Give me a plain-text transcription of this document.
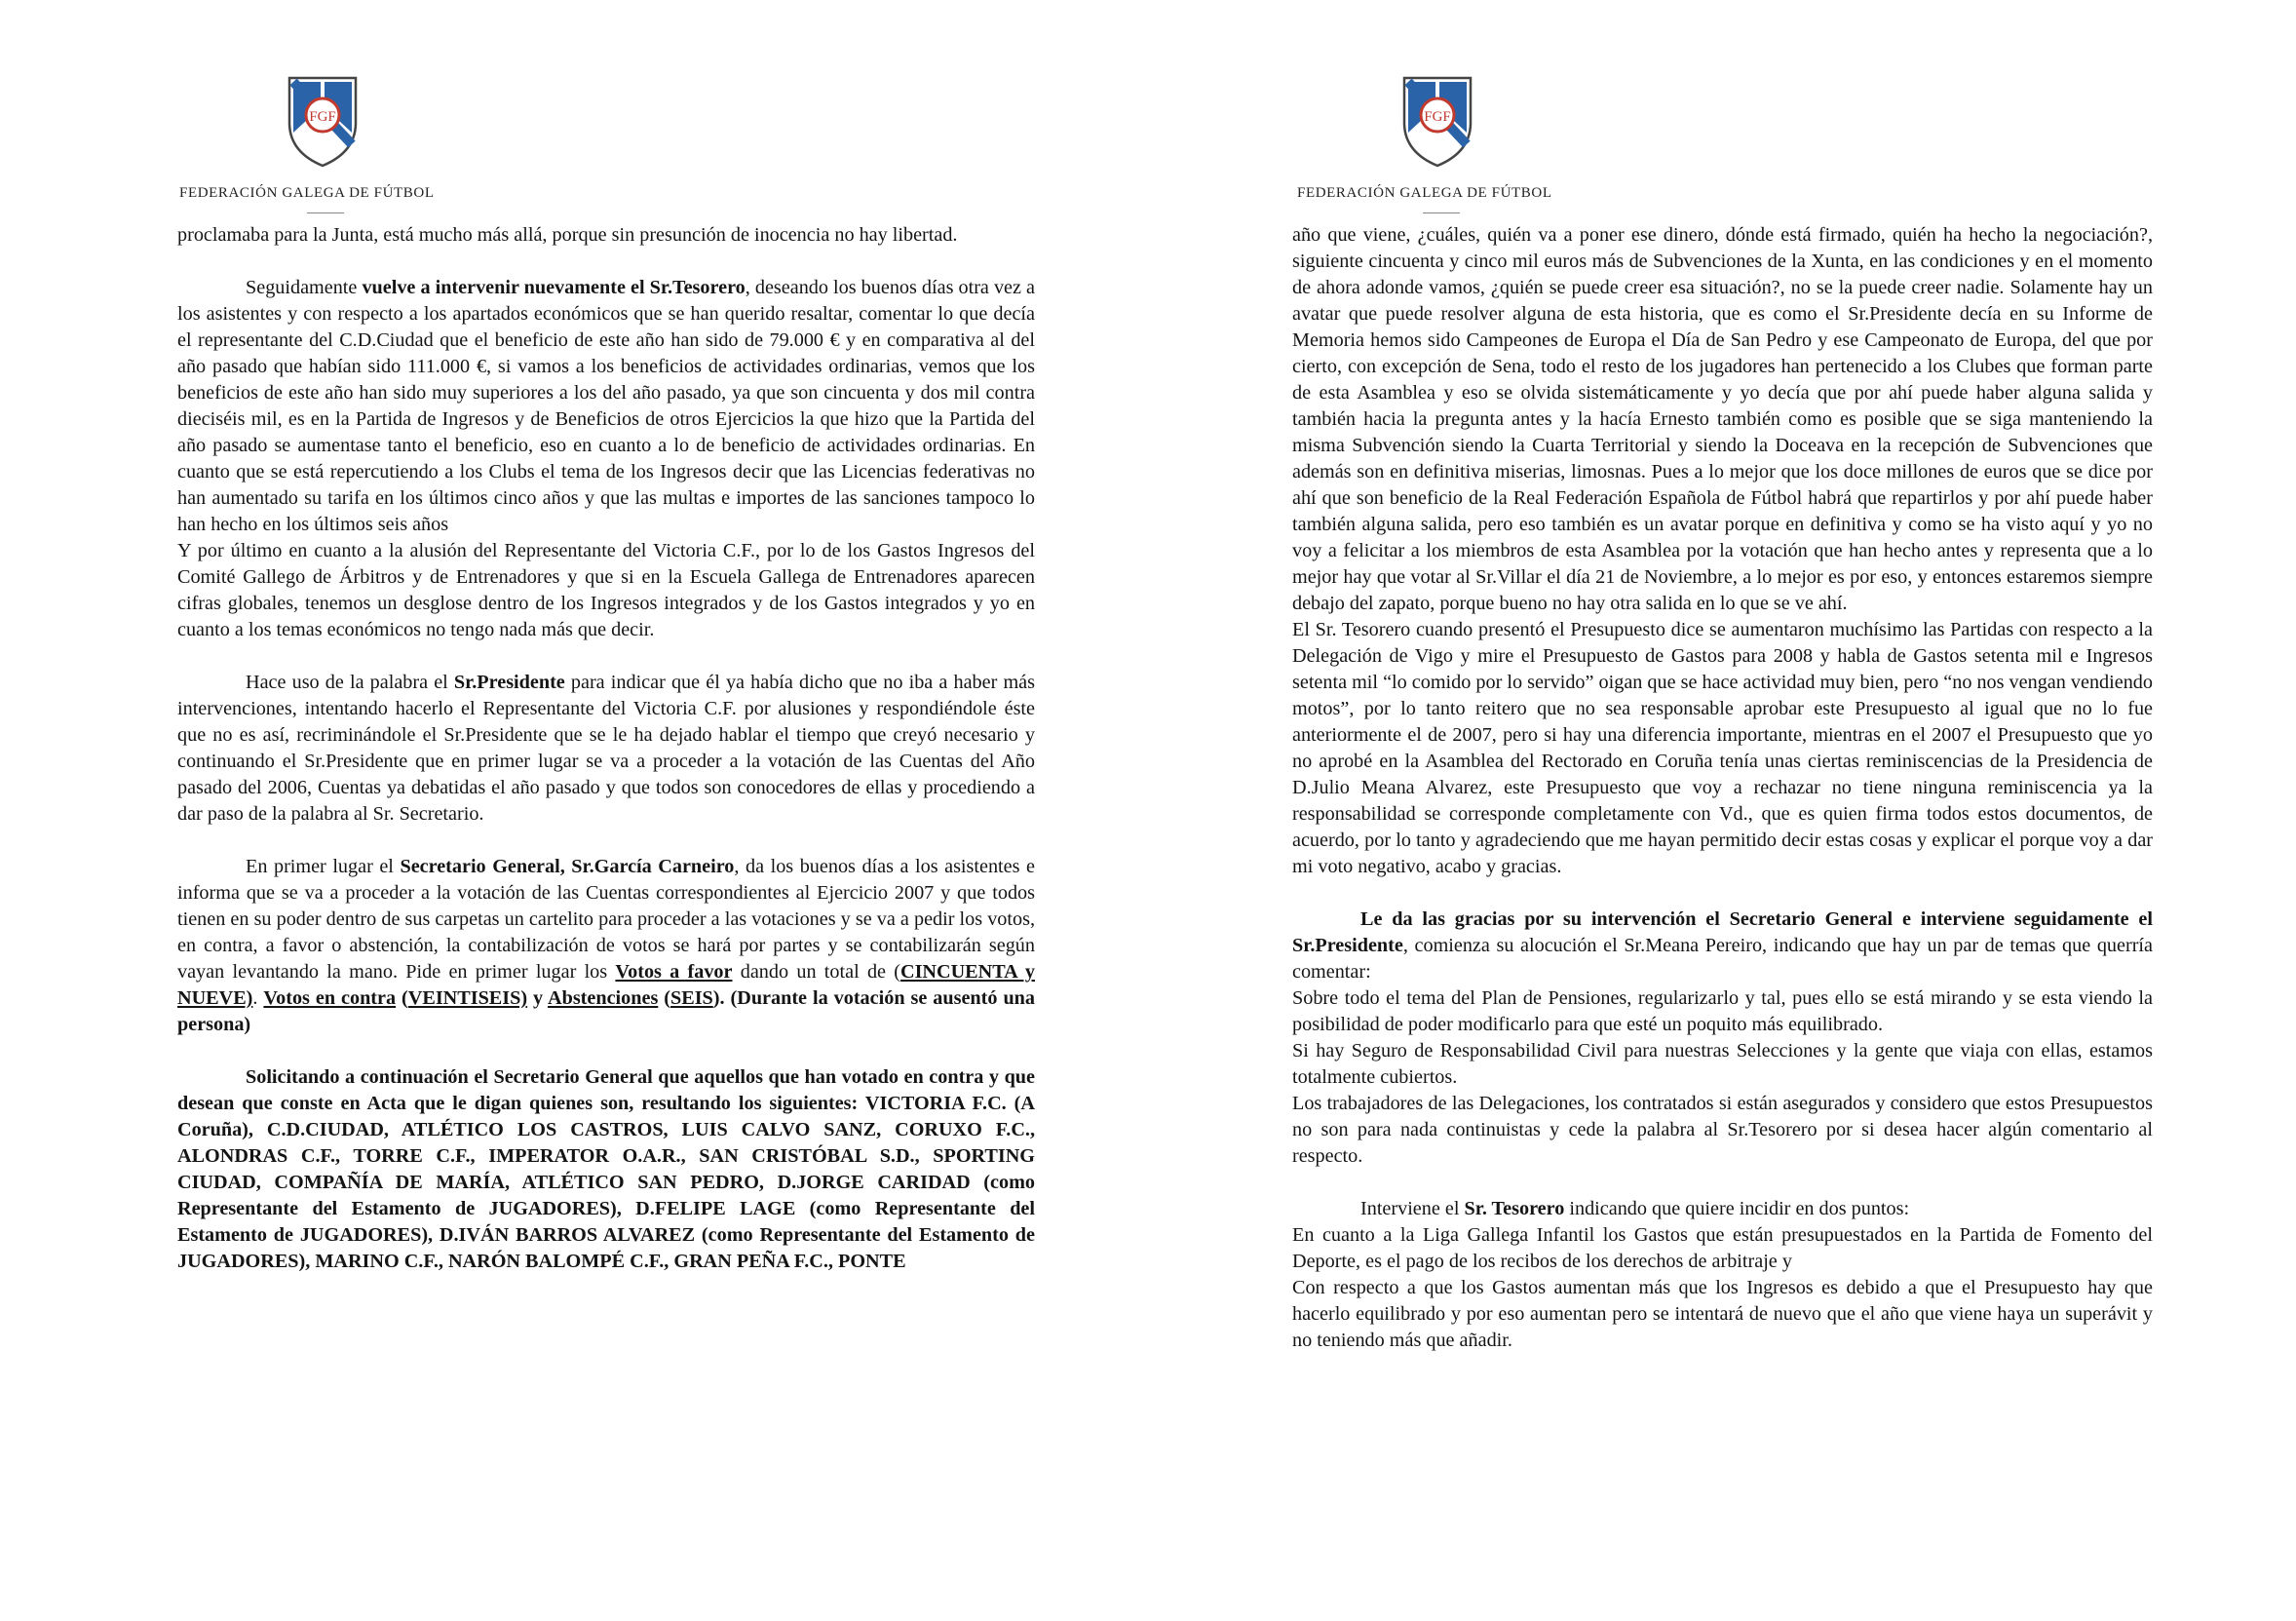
FGF
FEDERACIÓN GALEGA DE FÚTBOL

proclamaba para la Junta, está mucho más allá, porque sin presunción de inocencia no hay libertad.

Seguidamente vuelve a intervenir nuevamente el Sr.Tesorero, deseando los buenos días otra vez a los asistentes y con respecto a los apartados económicos que se han querido resaltar, comentar lo que decía el representante del C.D.Ciudad que el beneficio de este año han sido de 79.000 € y en comparativa al del año pasado que habían sido 111.000 €, si vamos a los beneficios de actividades ordinarias, vemos que los beneficios de este año han sido muy superiores a los del año pasado, ya que son cincuenta y dos mil contra dieciséis mil, es en la Partida de Ingresos y de Beneficios de otros Ejercicios la que hizo que la Partida del año pasado se aumentase tanto el beneficio, eso en cuanto a lo de beneficio de actividades ordinarias. En cuanto que se está repercutiendo a los Clubs el tema de los Ingresos decir que las Licencias federativas no han aumentado su tarifa en los últimos cinco años y que las multas e importes de las sanciones tampoco lo han hecho en los últimos seis años

Y por último en cuanto a la alusión del Representante del Victoria C.F., por lo de los Gastos Ingresos del Comité Gallego de Árbitros y de Entrenadores y que si en la Escuela Gallega de Entrenadores aparecen cifras globales, tenemos un desglose dentro de los Ingresos integrados y de los Gastos integrados y yo en cuanto a los temas económicos no tengo nada más que decir.

Hace uso de la palabra el Sr.Presidente para indicar que él ya había dicho que no iba a haber más intervenciones, intentando hacerlo el Representante del Victoria C.F. por alusiones y respondiéndole éste que no es así, recriminándole el Sr.Presidente que se le ha dejado hablar el tiempo que creyó necesario y continuando el Sr.Presidente que en primer lugar se va a proceder a la votación de las Cuentas del Año pasado del 2006, Cuentas ya debatidas el año pasado y que todos son conocedores de ellas y procediendo a dar paso de la palabra al Sr. Secretario.

En primer lugar el Secretario General, Sr.García Carneiro, da los buenos días a los asistentes e informa que se va a proceder a la votación de las Cuentas correspondientes al Ejercicio 2007 y que todos tienen en su poder dentro de sus carpetas un cartelito para proceder a las votaciones y se va a pedir los votos, en contra, a favor o abstención, la contabilización de votos se hará por partes y se contabilizarán según vayan levantando la mano. Pide en primer lugar los Votos a favor dando un total de (CINCUENTA y NUEVE). Votos en contra (VEINTISEIS) y Abstenciones (SEIS). (Durante la votación se ausentó una persona)

Solicitando a continuación el Secretario General que aquellos que han votado en contra y que desean que conste en Acta que le digan quienes son, resultando los siguientes: VICTORIA F.C. (A Coruña), C.D.CIUDAD, ATLÉTICO LOS CASTROS, LUIS CALVO SANZ, CORUXO F.C., ALONDRAS C.F., TORRE C.F., IMPERATOR O.A.R., SAN CRISTÓBAL S.D., SPORTING CIUDAD, COMPAÑÍA DE MARÍA, ATLÉTICO SAN PEDRO, D.JORGE CARIDAD (como Representante del Estamento de JUGADORES), D.FELIPE LAGE (como Representante del Estamento de JUGADORES), D.IVÁN BARROS ALVAREZ (como Representante del Estamento de JUGADORES), MARINO C.F., NARÓN BALOMPÉ C.F., GRAN PEÑA F.C., PONTE

FGF
FEDERACIÓN GALEGA DE FÚTBOL

año que viene, ¿cuáles, quién va a poner ese dinero, dónde está firmado, quién ha hecho la negociación?, siguiente cincuenta y cinco mil euros más de Subvenciones de la Xunta, en las condiciones y en el momento de ahora adonde vamos, ¿quién se puede creer esa situación?, no se la puede creer nadie. Solamente hay un avatar que puede resolver alguna de esta historia, que es como el Sr.Presidente decía en su Informe de Memoria hemos sido Campeones de Europa el Día de San Pedro y ese Campeonato de Europa, del que por cierto, con excepción de Sena, todo el resto de los jugadores han pertenecido a los Clubes que forman parte de esta Asamblea y eso se olvida sistemáticamente y yo decía que por ahí puede haber alguna salida y también hacia la pregunta antes y la hacía Ernesto también como es posible que se siga manteniendo la misma Subvención siendo la Cuarta Territorial y siendo la Doceava en la recepción de Subvenciones que además son en definitiva miserias, limosnas. Pues a lo mejor que los doce millones de euros que se dice por ahí que son beneficio de la Real Federación Española de Fútbol habrá que repartirlos y por ahí puede haber también alguna salida, pero eso también es un avatar porque en definitiva y como se ha visto aquí y yo no voy a felicitar a los miembros de esta Asamblea por la votación que han hecho antes y representa que a lo mejor hay que votar al Sr.Villar el día 21 de Noviembre, a lo mejor es por eso, y entonces estaremos siempre debajo del zapato, porque bueno no hay otra salida en lo que se ve ahí.

El Sr. Tesorero cuando presentó el Presupuesto dice se aumentaron muchísimo las Partidas con respecto a la Delegación de Vigo y mire el Presupuesto de Gastos para 2008 y habla de Gastos setenta mil e Ingresos setenta mil “lo comido por lo servido” oigan que se hace actividad muy bien, pero “no nos vengan vendiendo motos”, por lo tanto reitero que no sea responsable aprobar este Presupuesto al igual que no lo fue anteriormente el de 2007, pero si hay una diferencia importante, mientras en el 2007 el Presupuesto que yo no aprobé en la Asamblea del Rectorado en Coruña tenía unas ciertas reminiscencias de la Presidencia de D.Julio Meana Alvarez, este Presupuesto que voy a rechazar no tiene ninguna reminiscencia ya la responsabilidad se corresponde completamente con Vd., que es quien firma todos estos documentos, de acuerdo, por lo tanto y agradeciendo que me hayan permitido decir estas cosas y explicar el porque voy a dar mi voto negativo, acabo y gracias.

Le da las gracias por su intervención el Secretario General e interviene seguidamente el Sr.Presidente, comienza su alocución el Sr.Meana Pereiro, indicando que hay un par de temas que querría comentar:

Sobre todo el tema del Plan de Pensiones, regularizarlo y tal, pues ello se está mirando y se esta viendo la posibilidad de poder modificarlo para que esté un poquito más equilibrado.

Si hay Seguro de Responsabilidad Civil para nuestras Selecciones y la gente que viaja con ellas, estamos totalmente cubiertos.

Los trabajadores de las Delegaciones, los contratados si están asegurados y considero que estos Presupuestos no son para nada continuistas y cede la palabra al Sr.Tesorero por si desea hacer algún comentario al respecto.

Interviene el Sr. Tesorero indicando que quiere incidir en dos puntos:

En cuanto a la Liga Gallega Infantil los Gastos que están presupuestados en la Partida de Fomento del Deporte, es el pago de los recibos de los derechos de arbitraje y

Con respecto a que los Gastos aumentan más que los Ingresos es debido a que el Presupuesto hay que hacerlo equilibrado y por eso aumentan pero se intentará de nuevo que el año que viene haya un superávit y no teniendo más que añadir.
